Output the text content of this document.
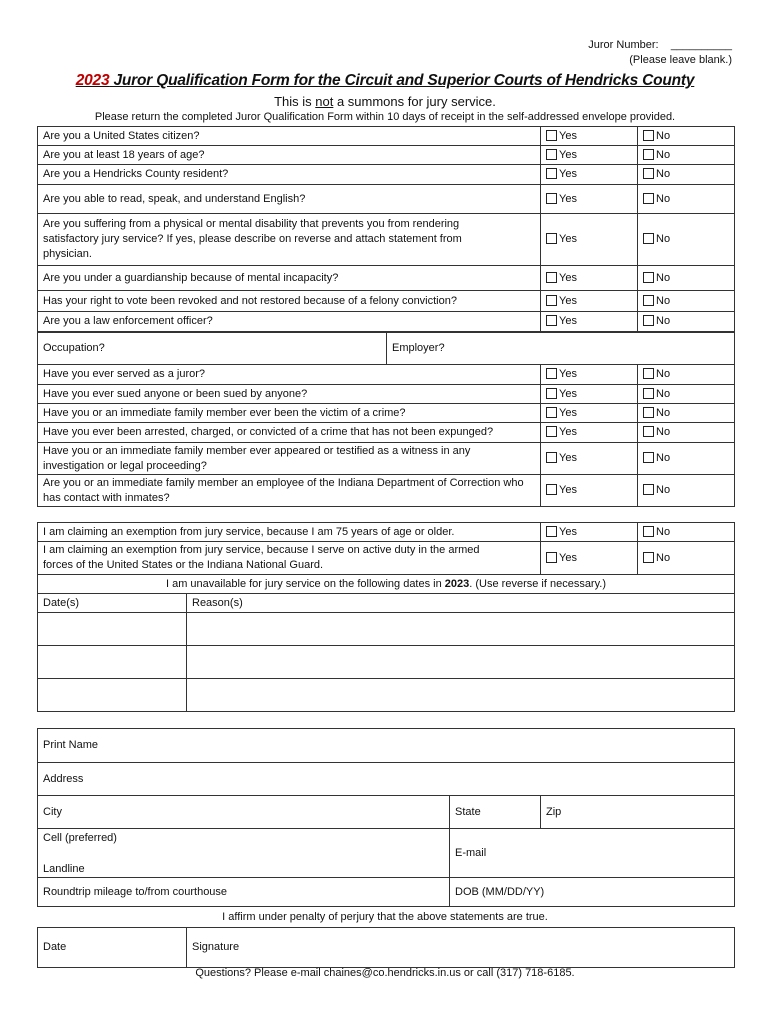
Juror Number: __________
(Please leave blank.)
2023 Juror Qualification Form for the Circuit and Superior Courts of Hendricks County
This is not a summons for jury service.
Please return the completed Juror Qualification Form within 10 days of receipt in the self-addressed envelope provided.
Are you a United States citizen?	Yes	No
Are you at least 18 years of age?	Yes	No
Are you a Hendricks County resident?	Yes	No
Are you able to read, speak, and understand English?	Yes	No
Are you suffering from a physical or mental disability that prevents you from rendering satisfactory jury service? If yes, please describe on reverse and attach statement from physician.	Yes	No
Are you under a guardianship because of mental incapacity?	Yes	No
Has your right to vote been revoked and not restored because of a felony conviction?	Yes	No
Are you a law enforcement officer?	Yes	No
Occupation?	Employer?
Have you ever served as a juror?	Yes	No
Have you ever sued anyone or been sued by anyone?	Yes	No
Have you or an immediate family member ever been the victim of a crime?	Yes	No
Have you ever been arrested, charged, or convicted of a crime that has not been expunged?	Yes	No
Have you or an immediate family member ever appeared or testified as a witness in any investigation or legal proceeding?	Yes	No
Are you or an immediate family member an employee of the Indiana Department of Correction who has contact with inmates?	Yes	No
I am claiming an exemption from jury service, because I am 75 years of age or older.		Yes	No
I am claiming an exemption from jury service, because I serve on active duty in the armed forces of the United States or the Indiana National Guard.		Yes	No
I am unavailable for jury service on the following dates in 2023. (Use reverse if necessary.)			
Date(s)	Reason(s)		

Print Name		
Address		
City	State	Zip

Cell (preferred)
Landline	E-mail	
Roundtrip mileage to/from courthouse	DOB (MM/DD/YY)	
I affirm under penalty of perjury that the above statements are true.
Date	Signature
Questions? Please e-mail chaines@co.hendricks.in.us or call (317) 718-6185.
